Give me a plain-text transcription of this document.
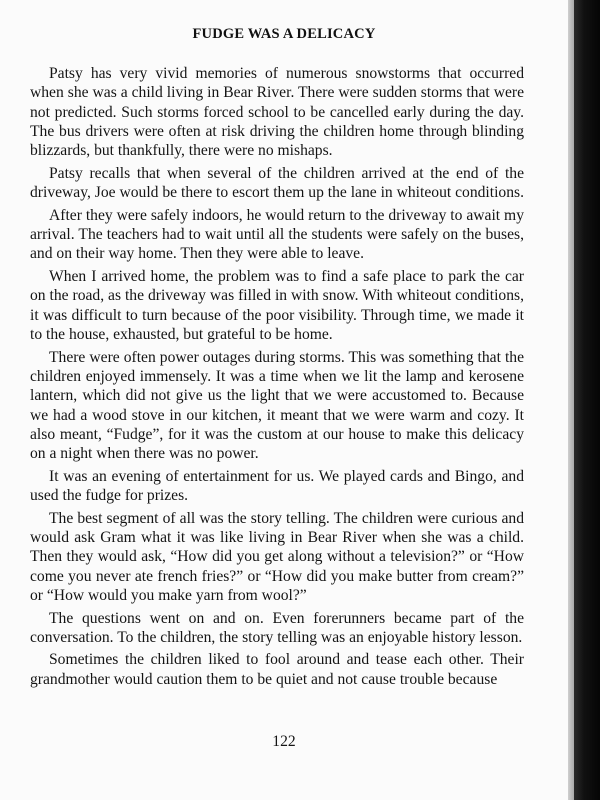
FUDGE WAS A DELICACY

Patsy has very vivid memories of numerous snowstorms that occurred when she was a child living in Bear River. There were sudden storms that were not predicted. Such storms forced school to be cancelled early during the day. The bus drivers were often at risk driving the children home through blinding blizzards, but thankfully, there were no mishaps.

Patsy recalls that when several of the children arrived at the end of the driveway, Joe would be there to escort them up the lane in whiteout conditions.

After they were safely indoors, he would return to the driveway to await my arrival. The teachers had to wait until all the students were safely on the buses, and on their way home. Then they were able to leave.

When I arrived home, the problem was to find a safe place to park the car on the road, as the driveway was filled in with snow. With whiteout conditions, it was difficult to turn because of the poor visibility. Through time, we made it to the house, exhausted, but grateful to be home.

There were often power outages during storms. This was something that the children enjoyed immensely. It was a time when we lit the lamp and kerosene lantern, which did not give us the light that we were accustomed to. Because we had a wood stove in our kitchen, it meant that we were warm and cozy. It also meant, “Fudge”, for it was the custom at our house to make this delicacy on a night when there was no power.

It was an evening of entertainment for us. We played cards and Bingo, and used the fudge for prizes.

The best segment of all was the story telling. The children were curious and would ask Gram what it was like living in Bear River when she was a child. Then they would ask, “How did you get along without a television?” or “How come you never ate french fries?” or “How did you make butter from cream?” or “How would you make yarn from wool?”

The questions went on and on. Even forerunners became part of the conversation. To the children, the story telling was an enjoyable history lesson.

Sometimes the children liked to fool around and tease each other. Their grandmother would caution them to be quiet and not cause trouble because

122
